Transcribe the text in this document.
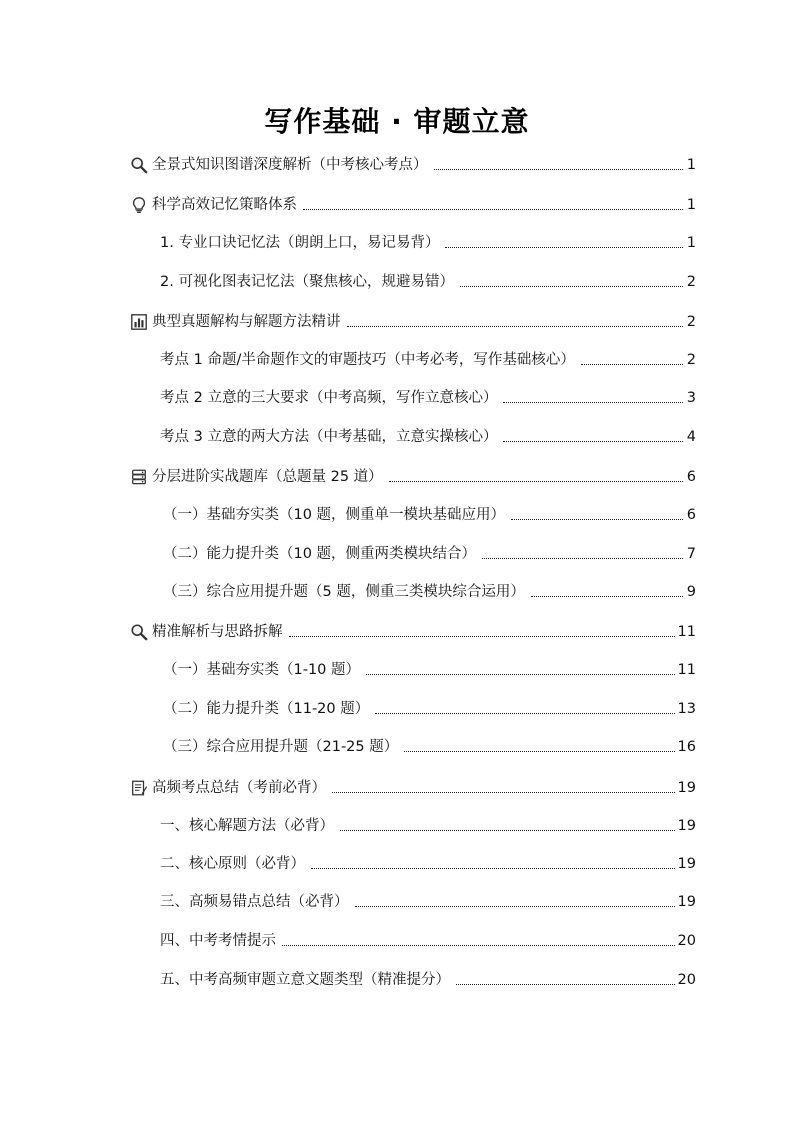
写作基础 · 审题立意
全景式知识图谱深度解析（中考核心考点）	1
科学高效记忆策略体系	1
1. 专业口诀记忆法（朗朗上口，易记易背）	1
2. 可视化图表记忆法（聚焦核心，规避易错）	2
典型真题解构与解题方法精讲	2
考点 1 命题/半命题作文的审题技巧（中考必考，写作基础核心）	2
考点 2 立意的三大要求（中考高频，写作立意核心）	3
考点 3 立意的两大方法（中考基础，立意实操核心）	4
分层进阶实战题库（总题量 25 道）	6
（一）基础夯实类（10 题，侧重单一模块基础应用）	6
（二）能力提升类（10 题，侧重两类模块结合）	7
（三）综合应用提升题（5 题，侧重三类模块综合运用）	9
精准解析与思路拆解	11
（一）基础夯实类（1-10 题）	11
（二）能力提升类（11-20 题）	13
（三）综合应用提升题（21-25 题）	16
高频考点总结（考前必背）	19
一、核心解题方法（必背）	19
二、核心原则（必背）	19
三、高频易错点总结（必背）	19
四、中考考情提示	20
五、中考高频审题立意文题类型（精准提分）	20
